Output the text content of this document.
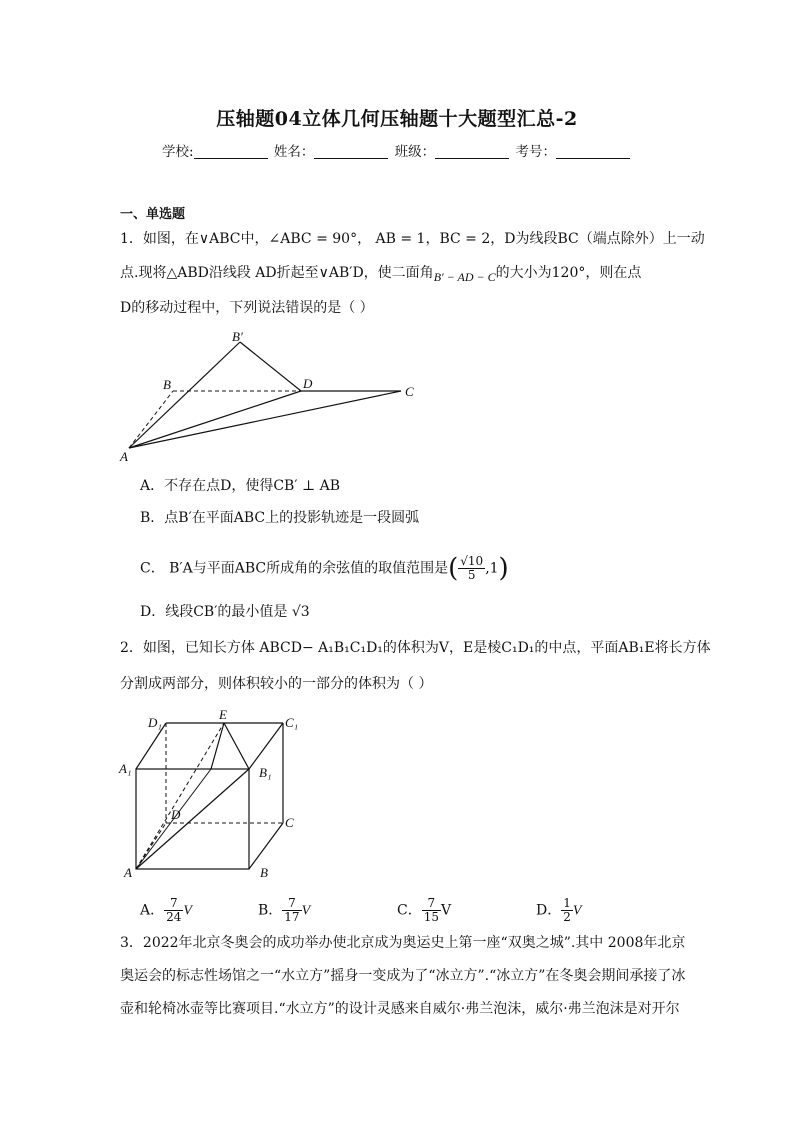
压轴题04立体几何压轴题十大题型汇总-2
学校:	姓名：	班级：	考号：
一、单选题
1．如图，在∨ABC中，∠ABC = 90°， AB = 1，BC = 2，D为线段BC（端点除外）上一动
点.现将△ABD沿线段 AD折起至∨AB′D，使二面角B′ − AD − C的大小为120°，则在点
D的移动过程中，下列说法错误的是（ ）
B′
B	D
C
A
A．不存在点D，使得CB′ ⊥ AB
B．点B′在平面ABC上的投影轨迹是一段圆弧
C． B′A与平面ABC所成角的余弦值的取值范围是( $\frac{√10}{5} ,1$)
D．线段CB′的最小值是 √3
2．如图，已知长方体 ABCD− A₁B₁C₁D₁的体积为V，E是棱C₁D₁的中点，平面AB₁E将长方体
分割成两部分，则体积较小的一部分的体积为（ ）
D₁
E
C₁
A₁	B₁
D
C
A	B
A． $\frac{7}{24}$ V	B． $\frac{7}{17}$ V	C． $\frac{7}{15}$ V	D． $\frac{1}{2}$ V
3．2022年北京冬奥会的成功举办使北京成为奥运史上第一座“双奥之城”.其中 2008年北京
奥运会的标志性场馆之一“水立方”摇身一变成为了“冰立方”.“冰立方”在冬奥会期间承接了冰
壶和轮椅冰壶等比赛项目.“水立方”的设计灵感来自威尔·弗兰泡沫，威尔·弗兰泡沫是对开尔
